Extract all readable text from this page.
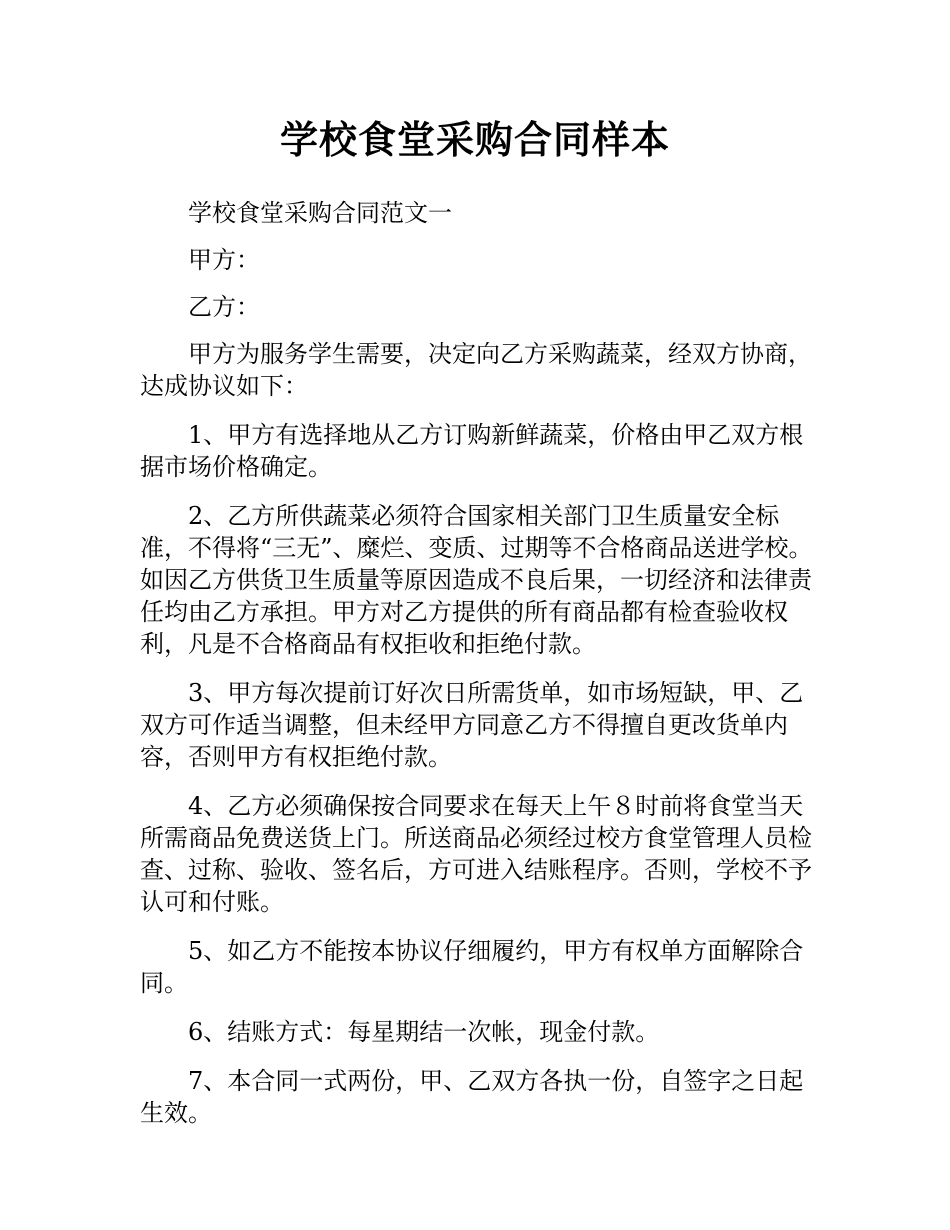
学校食堂采购合同样本

学校食堂采购合同范文一

甲方：

乙方：

甲方为服务学生需要，决定向乙方采购蔬菜，经双方协商，达成协议如下：

1、甲方有选择地从乙方订购新鲜蔬菜，价格由甲乙双方根据市场价格确定。

2、乙方所供蔬菜必须符合国家相关部门卫生质量安全标准，不得将“三无”、糜烂、变质、过期等不合格商品送进学校。如因乙方供货卫生质量等原因造成不良后果，一切经济和法律责任均由乙方承担。甲方对乙方提供的所有商品都有检查验收权利，凡是不合格商品有权拒收和拒绝付款。

3、甲方每次提前订好次日所需货单，如市场短缺，甲、乙双方可作适当调整，但未经甲方同意乙方不得擅自更改货单内容，否则甲方有权拒绝付款。

4、乙方必须确保按合同要求在每天上午８时前将食堂当天所需商品免费送货上门。所送商品必须经过校方食堂管理人员检查、过称、验收、签名后，方可进入结账程序。否则，学校不予认可和付账。

5、如乙方不能按本协议仔细履约，甲方有权单方面解除合同。

6、结账方式：每星期结一次帐，现金付款。

7、本合同一式两份，甲、乙双方各执一份，自签字之日起生效。
